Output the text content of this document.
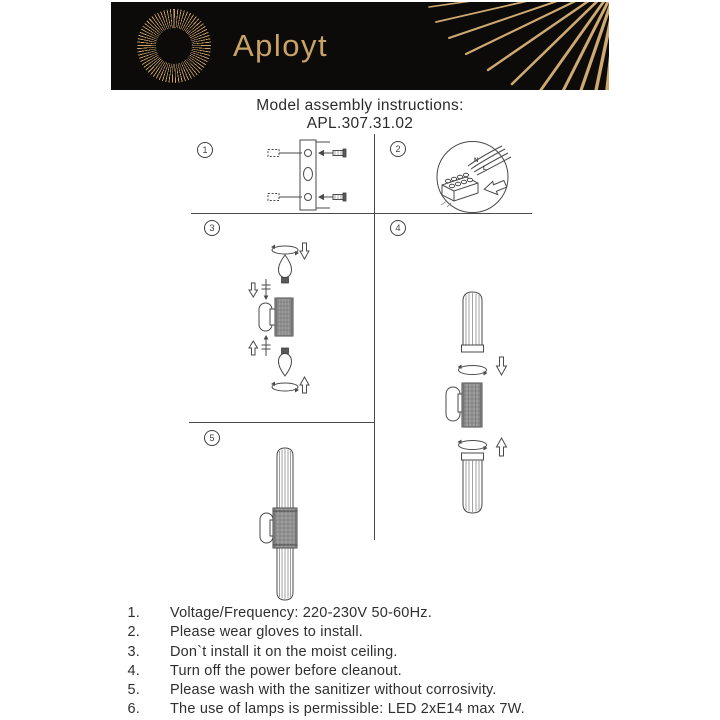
Aployt
Model assembly instructions:
APL.307.31.02
1	2
3	4
5
N
L
1. Voltage/Frequency: 220-230V 50-60Hz.
2. Please wear gloves to install.
3. Don`t install it on the moist ceiling.
4. Turn off the power before cleanout.
5. Please wash with the sanitizer without corrosivity.
6. The use of lamps is permissible: LED 2xE14 max 7W.
